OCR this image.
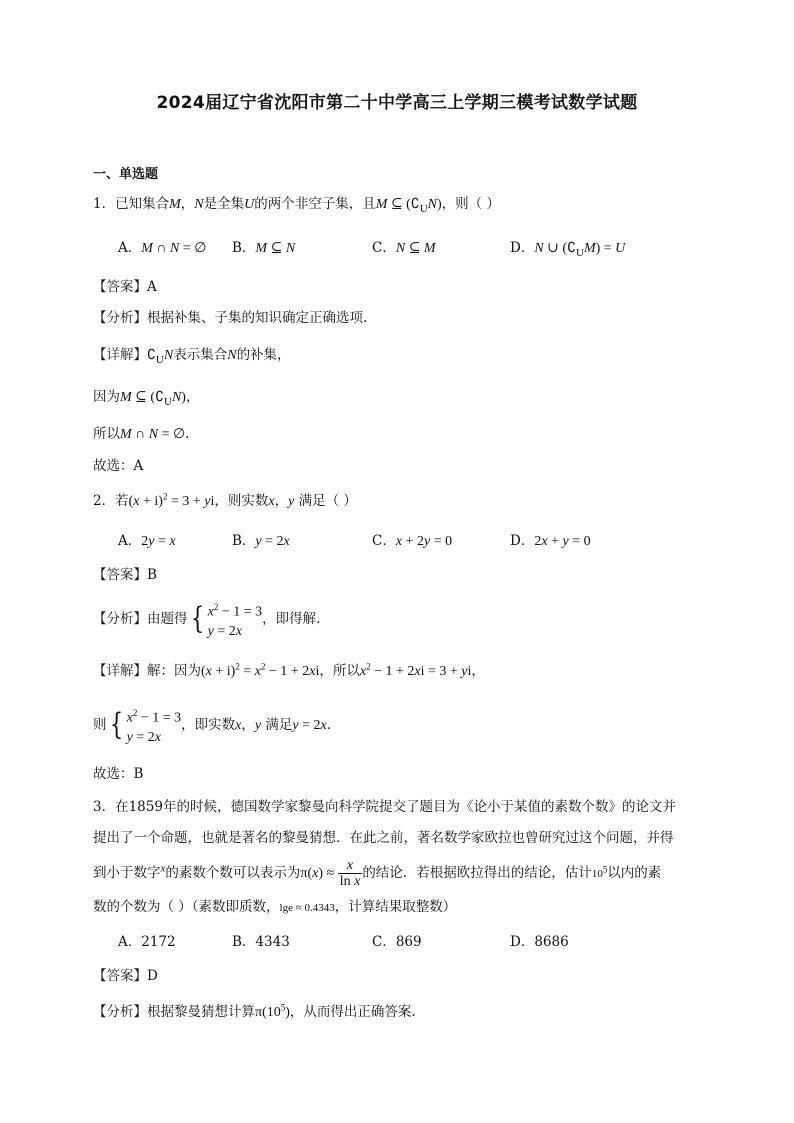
2024届辽宁省沈阳市第二十中学高三上学期三模考试数学试题
一、单选题
1．已知集合M，N是全集U的两个非空子集，且M ⊆ $(∁_UN)$，则（ ）
A．M ∩ N = ∅ B．M ⊆ N	C．N ⊆ M	D．N ∪ $(∁_UM) = U$
【答案】A
【分析】根据补集、子集的知识确定正确选项.
【详解】$∁_UN$表示集合N的补集，
因为M ⊆ $(∁_UN)$，
所以M ∩ N = ∅．
故选：A
2．若$(x + i)^2 = 3$ + yi，则实数x，y 满足（ ）
A．2y = x	B．y = 2x	C．x + 2y = 0	D．2x + y = 0
【答案】B
【分析】由题得{ $x^2 - 1 = 3$
y = 2x，即得解.
【详解】解：因为$(x + i)^2 = x^2 - 1 + 2xi$，所以$x^2 - 1 + 2xi = 3$ + yi，
则{ $x^2 - 1 = 3$
y = 2x，即实数x，y 满足y = 2x．
故选：B
3．在1859年的时候，德国数学家黎曼向科学院提交了题目为《论小于某值的素数个数》的论文并
提出了一个命题，也就是著名的黎曼猜想．在此之前，著名数学家欧拉也曾研究过这个问题，并得
到小于数字$^x$的素数个数可以表示为$\pi(x) \approx \frac{x}{\text{ln x}}$ 的结论．若根据欧拉得出的结论，估计$10^5$以内的素
数的个数为（ ）（素数即质数，lge ≈ 0.4343，计算结果取整数）
A．2172	B．4343	C．869	D．8686
【答案】D
【分析】根据黎曼猜想计算$\pi(10^5)$，从而得出正确答案.
